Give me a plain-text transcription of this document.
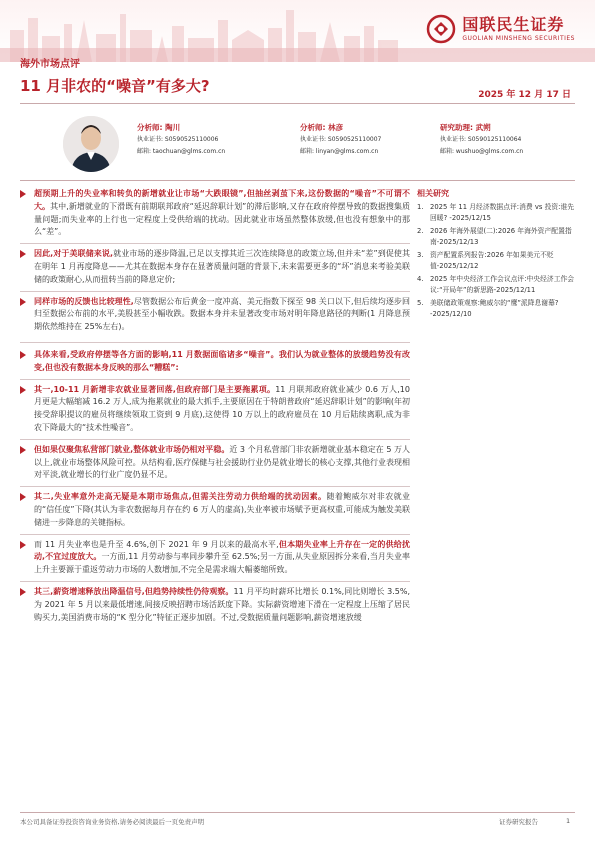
国联民生证券
GUOLIAN MINSHENG SECURITIES
海外市场点评
11 月非农的“噪音”有多大?	2025 年 12 月 17 日
分析师: 陶川
执业证书: S0590525110006
邮箱: taochuan@glms.com.cn
分析师: 林彦
执业证书: S0590525110007
邮箱: linyan@glms.com.cn
研究助理: 武朔
执业证书: S0590125110064
邮箱: wushuo@glms.com.cn
超预期上升的失业率和转负的新增就业让市场“大跌眼镜”,但抽丝剥茧下来,这份数据的“噪音”不可谓不大。其中,新增就业的下滑既有前期联邦政府“延迟辞职计划”的滞后影响,又存在政府停摆导致的数据搜集质量问题;而失业率的上行也一定程度上受供给端的扰动。因此就业市场虽然整体放缓,但也没有想象中的那么“差”。
因此,对于美联储来说,就业市场的逐步降温,已足以支撑其近三次连续降息的政策立场,但并未“差”到促使其在明年 1 月再度降息——尤其在数据本身存在显著质量问题的背景下,未来需要更多的“坏”消息来考验美联储的政策耐心,从而扭转当前的降息定价;
同样市场的反馈也比较理性,尽管数据公布后黄金一度冲高、美元指数下探至 98 关口以下,但后续均逐步回归至数据公布前的水平,美股甚至小幅收跌。数据本身并未显著改变市场对明年降息路径的判断(1 月降息预期依然维持在 25%左右)。
具体来看,受政府停摆等各方面的影响,11 月数据面临诸多“噪音”。我们认为就业整体的放缓趋势没有改变,但也没有数据本身反映的那么“糟糕”:
其一,10-11 月新增非农就业显著回落,但政府部门是主要拖累项。11 月联邦政府就业减少 0.6 万人,10 月更是大幅缩减 16.2 万人,成为拖累就业的最大抓手,主要原因在于特朗普政府“延迟辞职计划”的影响(年初接受辞职提议的雇员将继续领取工资到 9 月底),这使得 10 万以上的政府雇员在 10 月后陆续离职,成为非农下降最大的“技术性噪音”。
但如果仅聚焦私营部门就业,整体就业市场仍相对平稳。近 3 个月私营部门非农新增就业基本稳定在 5 万人以上,就业市场整体风险可控。从结构看,医疗保健与社会援助行业仍是就业增长的核心支撑,其他行业表现相对平淡,就业增长的行业广度仍显不足。
其二,失业率意外走高无疑是本期市场焦点,但需关注劳动力供给端的扰动因素。随着鲍威尔对非农就业的“信任度”下降(其认为非农数据每月存在约 6 万人的虚高),失业率被市场赋予更高权重,可能成为触发美联储进一步降息的关键指标。
而 11 月失业率也是升至 4.6%,创下 2021 年 9 月以来的最高水平,但本期失业率上升存在一定的供给扰动,不宜过度放大。一方面,11 月劳动参与率同步攀升至 62.5%;另一方面,从失业原因拆分来看,当月失业率上升主要源于重返劳动力市场的人数增加,不完全是需求端大幅萎缩所致。
其三,薪资增速释放出降温信号,但趋势持续性仍待观察。11 月平均时薪环比增长 0.1%,同比则增长 3.5%,为 2021 年 5 月以来最低增速,间接反映招聘市场活跃度下降。实际薪资增速下滑在一定程度上压缩了居民购买力,美国消费市场的“K 型分化”特征正逐步加剧。不过,受数据质量问题影响,薪资增速放缓
相关研究
1. 2025 年 11 月经济数据点评:消费 vs 投资:谁先回暖? -2025/12/15
2. 2026 年海外展望(二):2026 年海外资产配置指南-2025/12/13
3. 资产配置系列报告:2026 年如果美元不贬值-2025/12/12
4. 2025 年中央经济工作会议点评:中央经济工作会议:“开局年”的新思路-2025/12/11
5. 美联储政策观察:鲍威尔的“鹰”派降息谢幕?-2025/12/10
本公司具备证券投资咨询业务资格,请务必阅读最后一页免责声明	证券研究报告	1
